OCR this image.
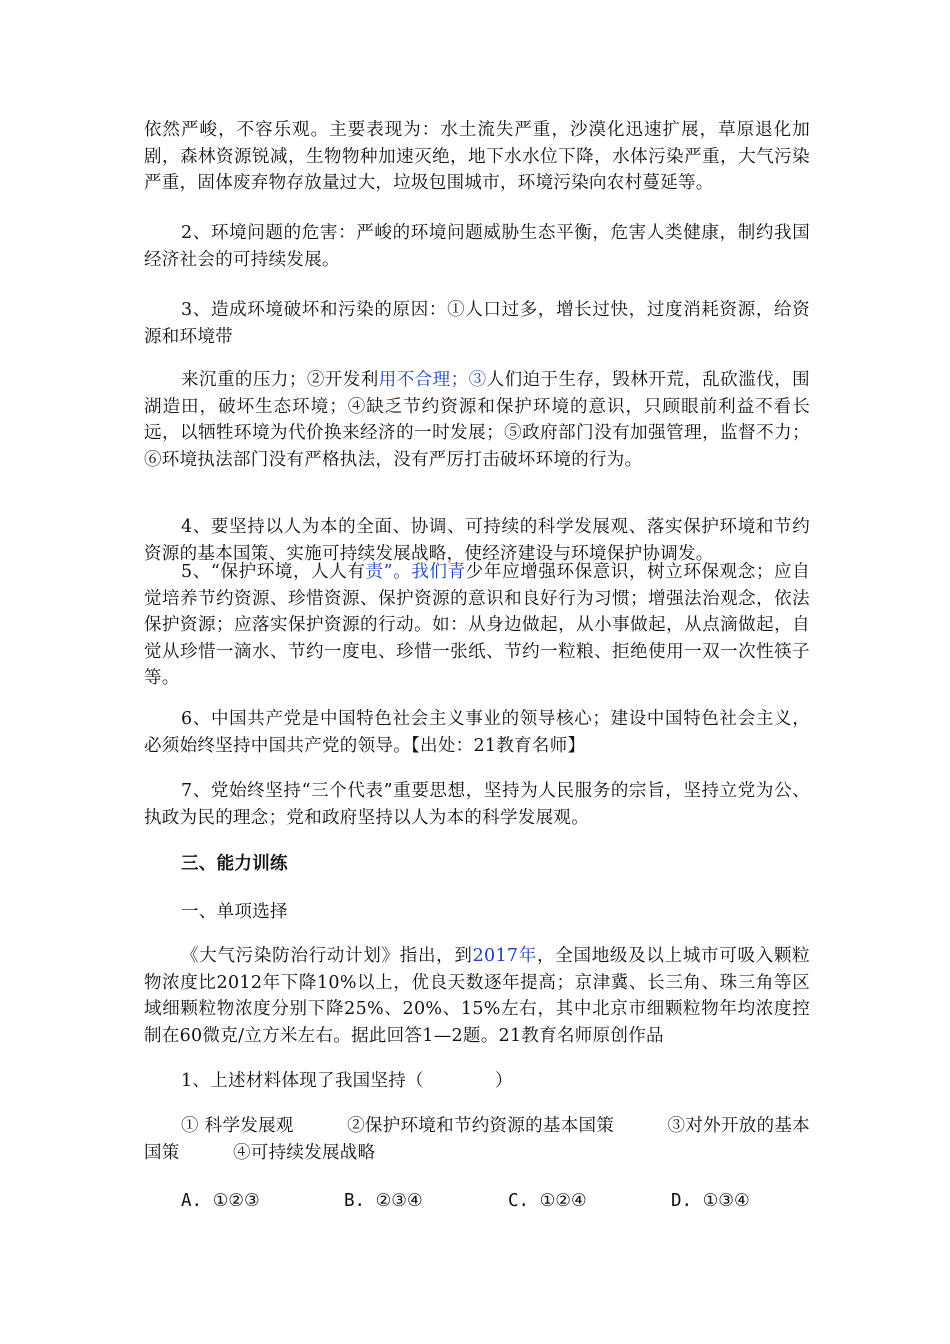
依然严峻，不容乐观。主要表现为：水土流失严重，沙漠化迅速扩展，草原退化加剧，森林资源锐减，生物物种加速灭绝，地下水水位下降，水体污染严重，大气污染严重，固体废弃物存放量过大，垃圾包围城市，环境污染向农村蔓延等。
2、环境问题的危害：严峻的环境问题威胁生态平衡，危害人类健康，制约我国经济社会的可持续发展。
3、造成环境破坏和污染的原因：①人口过多，增长过快，过度消耗资源，给资源和环境带
来沉重的压力；②开发利用不合理；③人们迫于生存，毁林开荒，乱砍滥伐，围湖造田，破坏生态环境；④缺乏节约资源和保护环境的意识，只顾眼前利益不看长远，以牺牲环境为代价换来经济的一时发展；⑤政府部门没有加强管理，监督不力；⑥环境执法部门没有严格执法，没有严厉打击破坏环境的行为。
4、要坚持以人为本的全面、协调、可持续的科学发展观、落实保护环境和节约资源的基本国策、实施可持续发展战略，使经济建设与环境保护协调发。
5、“保护环境，人人有责”。我们青少年应增强环保意识，树立环保观念；应自觉培养节约资源、珍惜资源、保护资源的意识和良好行为习惯；增强法治观念，依法保护资源；应落实保护资源的行动。如：从身边做起，从小事做起，从点滴做起，自觉从珍惜一滴水、节约一度电、珍惜一张纸、节约一粒粮、拒绝使用一双一次性筷子等。
6、中国共产党是中国特色社会主义事业的领导核心；建设中国特色社会主义，必须始终坚持中国共产党的领导。【出处：21教育名师】
7、党始终坚持“三个代表”重要思想，坚持为人民服务的宗旨，坚持立党为公、执政为民的理念；党和政府坚持以人为本的科学发展观。
三、能力训练
一、单项选择
《大气污染防治行动计划》指出，到2017年，全国地级及以上城市可吸入颗粒物浓度比2012年下降10%以上，优良天数逐年提高；京津冀、长三角、珠三角等区域细颗粒物浓度分别下降25%、20%、15%左右，其中北京市细颗粒物年均浓度控制在60微克/立方米左右。据此回答1—2题。21教育名师原创作品
1、上述材料体现了我国坚持（　　　　）
① 科学发展观　　　②保护环境和节约资源的基本国策　　　③对外开放的基本国策　　　④可持续发展战略
A. ①②③	B. ②③④	C. ①②④	D. ①③④
